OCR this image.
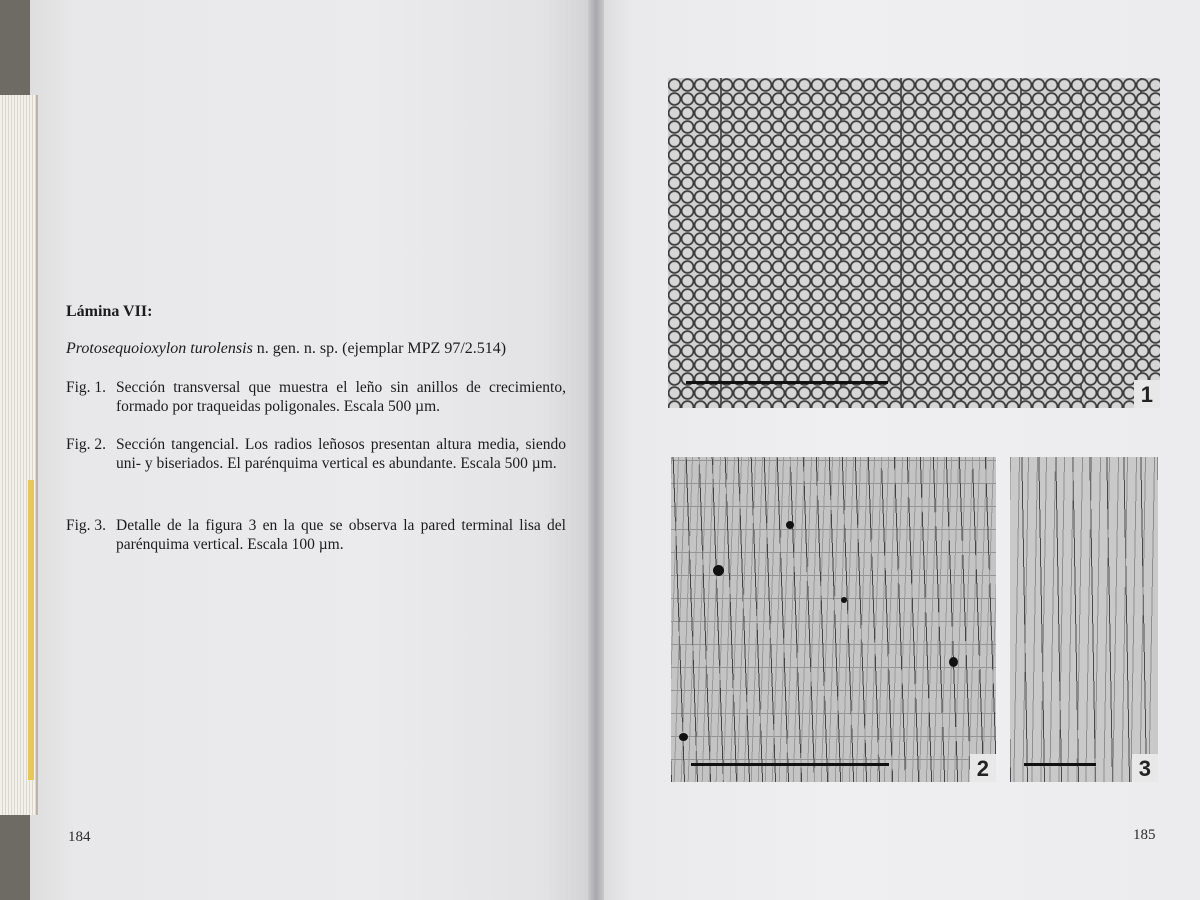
Lámina VII:
Protosequoioxylon turolensis n. gen. n. sp. (ejemplar MPZ 97/2.514)
Fig. 1. Sección transversal que muestra el leño sin anillos de crecimiento, formado por traqueidas poligonales. Escala 500 µm.
Fig. 2. Sección tangencial. Los radios leñosos presentan altura media, siendo uni- y biseriados. El parénquima vertical es abundante. Escala 500 µm.
Fig. 3. Detalle de la figura 3 en la que se observa la pared terminal lisa del parénquima vertical. Escala 100 µm.
184
1
2	3
185
